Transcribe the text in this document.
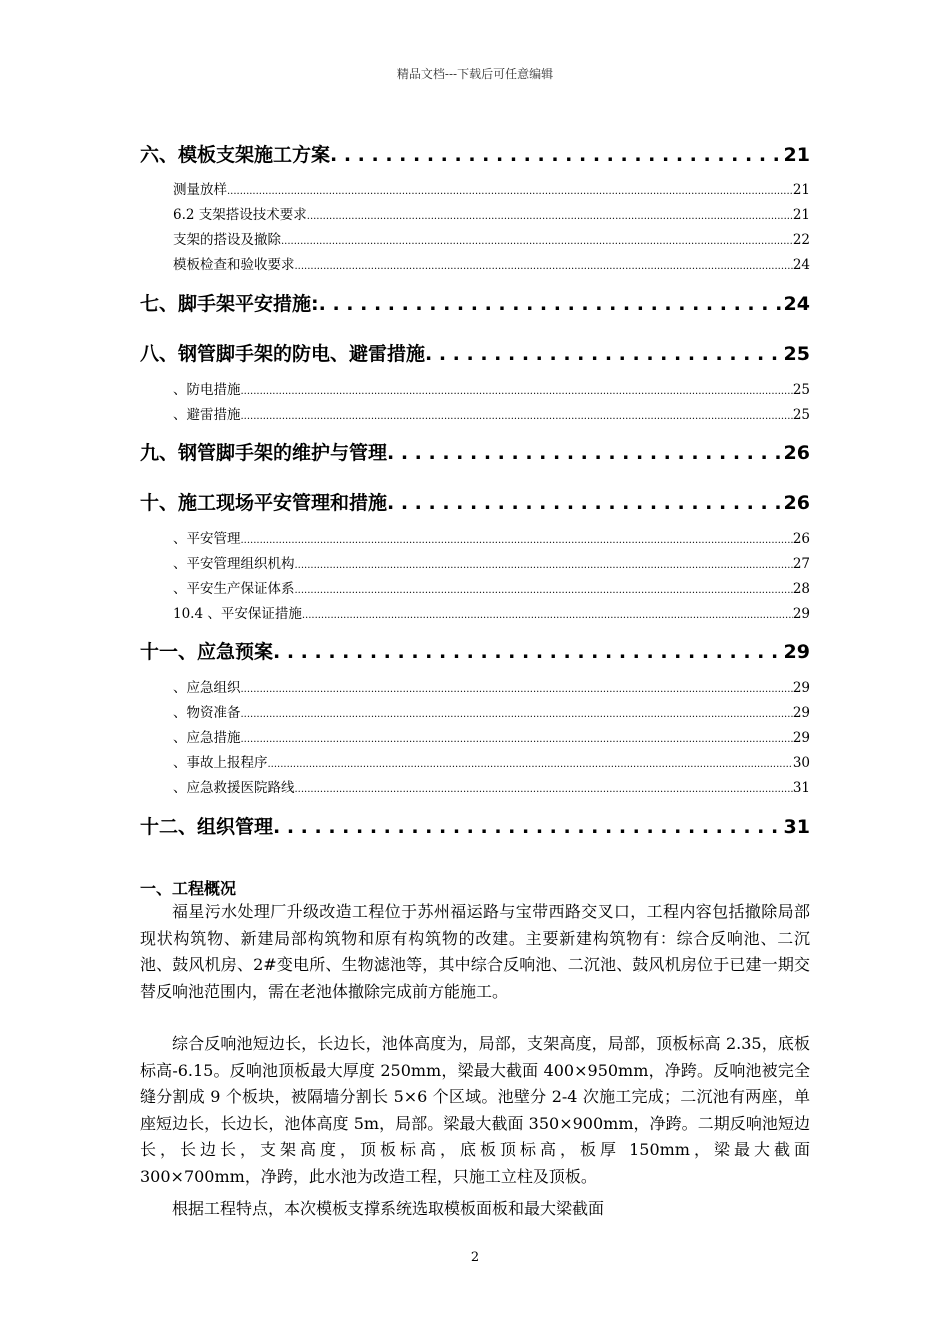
精品文档---下载后可任意编辑
六、模板支架施工方案 . . .	21
测量放样 .....	21
6.2 支架搭设技术要求 .....	21
支架的搭设及撤除 .....	22
模板检查和验收要求 .....	24
七、脚手架平安措施: . . .	24
八、钢管脚手架的防电、避雷措施 . . .	25
、防电措施 .....	25
、避雷措施 .....	25
九、钢管脚手架的维护与管理 . . .	26
十、施工现场平安管理和措施 . . .	26
、平安管理 .....	26
、平安管理组织机构 .....	27
、平安生产保证体系 .....	28
10.4 、平安保证措施 .....	29
十一、应急预案 . . .	29
、应急组织 .....	29
、物资准备 .....	29
、应急措施 .....	29
、事故上报程序 .....	30
、应急救援医院路线 .....	31
十二、组织管理 . . .	31
一、工程概况
福星污水处理厂升级改造工程位于苏州福运路与宝带西路交叉口，工程内容包括撤除局部现状构筑物、新建局部构筑物和原有构筑物的改建。主要新建构筑物有：综合反响池、二沉池、鼓风机房、2#变电所、生物滤池等，其中综合反响池、二沉池、鼓风机房位于已建一期交替反响池范围内，需在老池体撤除完成前方能施工。
综合反响池短边长，长边长，池体高度为，局部，支架高度，局部，顶板标高 2.35，底板标高-6.15。反响池顶板最大厚度 250mm，梁最大截面 400×950mm，净跨。反响池被完全缝分割成 9 个板块，被隔墙分割长 5×6 个区域。池壁分 2-4 次施工完成；二沉池有两座，单座短边长，长边长，池体高度 5m，局部。梁最大截面 350×900mm，净跨。二期反响池短边长，长边长，支架高度，顶板标高，底板顶标高，板厚 150mm，梁最大截面 300×700mm，净跨，此水池为改造工程，只施工立柱及顶板。
根据工程特点，本次模板支撑系统选取模板面板和最大梁截面
2
